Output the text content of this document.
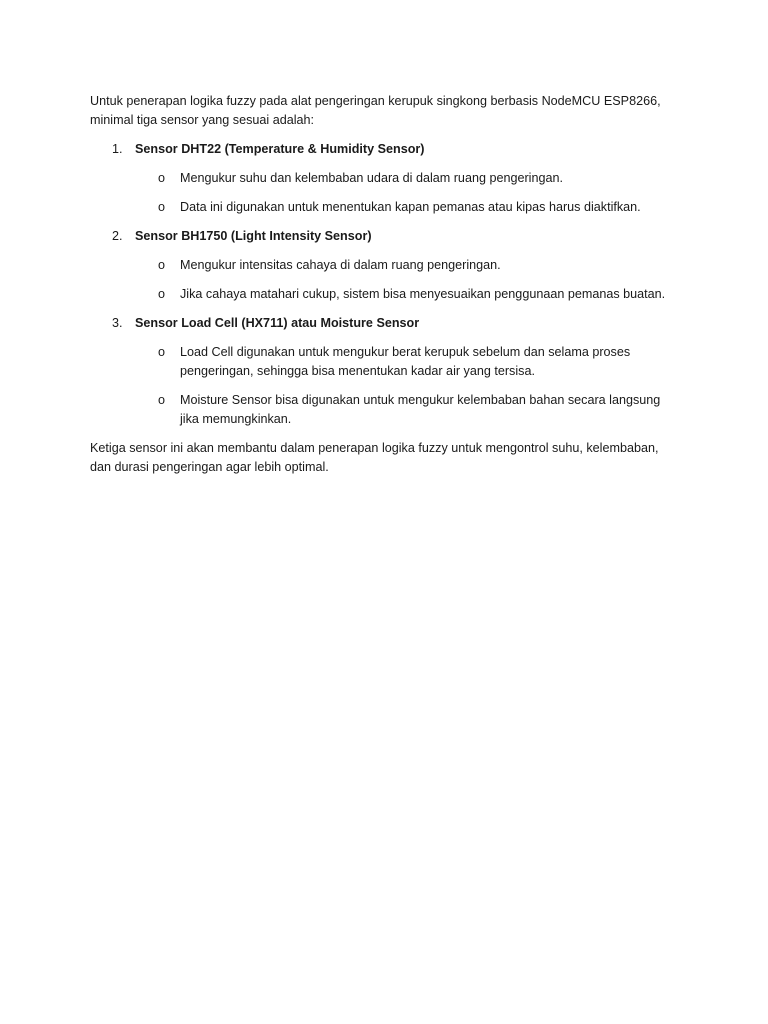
Untuk penerapan logika fuzzy pada alat pengeringan kerupuk singkong berbasis NodeMCU ESP8266, minimal tiga sensor yang sesuai adalah:

1. Sensor DHT22 (Temperature & Humidity Sensor)
o Mengukur suhu dan kelembaban udara di dalam ruang pengeringan.
o Data ini digunakan untuk menentukan kapan pemanas atau kipas harus diaktifkan.
2. Sensor BH1750 (Light Intensity Sensor)
o Mengukur intensitas cahaya di dalam ruang pengeringan.
o Jika cahaya matahari cukup, sistem bisa menyesuaikan penggunaan pemanas buatan.
3. Sensor Load Cell (HX711) atau Moisture Sensor
o Load Cell digunakan untuk mengukur berat kerupuk sebelum dan selama proses pengeringan, sehingga bisa menentukan kadar air yang tersisa.
o Moisture Sensor bisa digunakan untuk mengukur kelembaban bahan secara langsung jika memungkinkan.

Ketiga sensor ini akan membantu dalam penerapan logika fuzzy untuk mengontrol suhu, kelembaban, dan durasi pengeringan agar lebih optimal.
